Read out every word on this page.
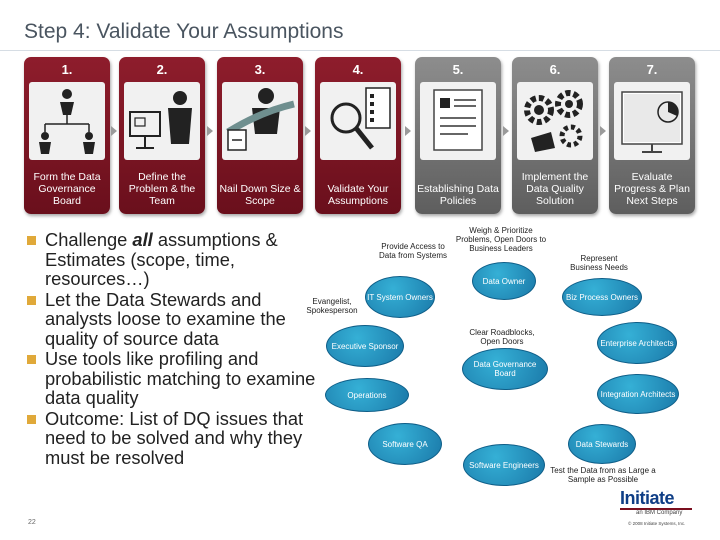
Step 4: Validate Your Assumptions
1.
Form the Data Governance Board
2.
Define the Problem & the Team
3.
Nail Down Size & Scope
4.
Validate Your Assumptions
5.
Establishing Data Policies
6.
Implement the Data Quality Solution
7.
Evaluate Progress & Plan Next Steps
Challenge all assumptions & Estimates (scope, time, resources…)
Let the Data Stewards and analysts loose to examine the quality of source data
Use tools like profiling and probabilistic matching to examine data quality
Outcome: List of DQ issues that need to be solved and why they must be resolved
Provide Access to Data from Systems
Weigh & Prioritize Problems, Open Doors to Business Leaders
Represent Business Needs
Evangelist, Spokesperson
Clear Roadblocks, Open Doors
Test the Data from as Large a Sample as Possible
IT System Owners
Data Owner
Biz Process Owners
Executive Sponsor	Enterprise Architects
Data Governance Board
Operations	Integration Architects
Software QA	Data Stewards
Software Engineers
22
Initiate
an IBM Company
© 2008 Initiate Systems, Inc.
